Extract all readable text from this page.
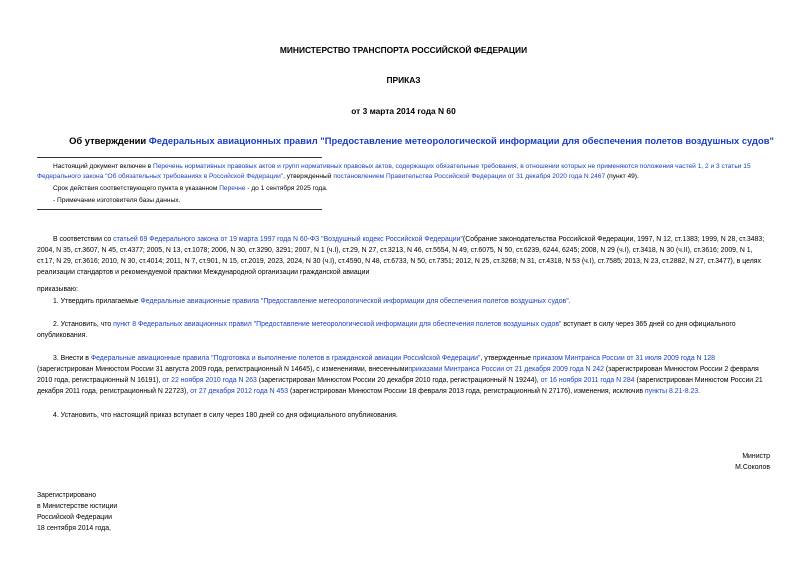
МИНИСТЕРСТВО ТРАНСПОРТА РОССИЙСКОЙ ФЕДЕРАЦИИ
ПРИКАЗ
от 3 марта 2014 года N 60
Об утверждении Федеральных авиационных правил "Предоставление метеорологической информации для обеспечения полетов воздушных судов"
Настоящий документ включен в Перечень нормативных правовых актов и групп нормативных правовых актов, содержащих обязательные требования, в отношении которых не применяются положения частей 1, 2 и 3 статьи 15 Федерального закона "Об обязательных требованиях в Российской Федерации", утвержденный постановлением Правительства Российской Федерации от 31 декабря 2020 года N 2467 (пункт 49).
Срок действия соответствующего пункта в указанном Перечне - до 1 сентября 2025 года.
- Примечание изготовителя базы данных.
В соответствии со статьей 69 Федерального закона от 19 марта 1997 года N 60-ФЗ "Воздушный кодекс Российской Федерации"(Собрание законодательства Российской Федерации, 1997, N 12, ст.1383; 1999, N 28, ст.3483; 2004, N 35, ст.3607, N 45, ст.4377; 2005, N 13, ст.1078; 2006, N 30, ст.3290, 3291; 2007, N 1 (ч.I), ст.29, N 27, ст.3213, N 46, ст.5554, N 49, ст.6075, N 50, ст.6239, 6244, 6245; 2008, N 29 (ч.I), ст.3418, N 30 (ч.II), ст.3616; 2009, N 1, ст.17, N 29, ст.3616; 2010, N 30, ст.4014; 2011, N 7, ст.901, N 15, ст.2019, 2023, 2024, N 30 (ч.I), ст.4590, N 48, ст.6733, N 50, ст.7351; 2012, N 25, ст.3268; N 31, ст.4318, N 53 (ч.I), ст.7585; 2013, N 23, ст.2882, N 27, ст.3477), в целях реализации стандартов и рекомендуемой практики Международной организации гражданской авиации
приказываю:
1. Утвердить прилагаемые Федеральные авиационные правила "Предоставление метеорологической информации для обеспечения полетов воздушных судов".
2. Установить, что пункт 8 Федеральных авиационных правил "Предоставление метеорологической информации для обеспечения полетов воздушных судов" вступает в силу через 365 дней со дня официального опубликования.
3. Внести в Федеральные авиационные правила "Подготовка и выполнение полетов в гражданской авиации Российской Федерации", утвержденные приказом Минтранса России от 31 июля 2009 года N 128 (зарегистрирован Минюстом России 31 августа 2009 года, регистрационный N 14645), с изменениями, внесеннымиприказами Минтранса России от 21 декабря 2009 года N 242 (зарегистрирован Минюстом России 2 февраля 2010 года, регистрационный N 16191), от 22 ноября 2010 года N 263 (зарегистрирован Минюстом России 20 декабря 2010 года, регистрационный N 19244), от 16 ноября 2011 года N 284 (зарегистрирован Минюстом России 21 декабря 2011 года, регистрационный N 22723), от 27 декабря 2012 года N 453 (зарегистрирован Минюстом России 18 февраля 2013 года, регистрационный N 27176), изменения, исключив пункты 8.21-8.23.
4. Установить, что настоящий приказ вступает в силу через 180 дней со дня официального опубликования.
Министр
М.Соколов
Зарегистрировано
в Министерстве юстиции
Российской Федерации
18 сентября 2014 года,
